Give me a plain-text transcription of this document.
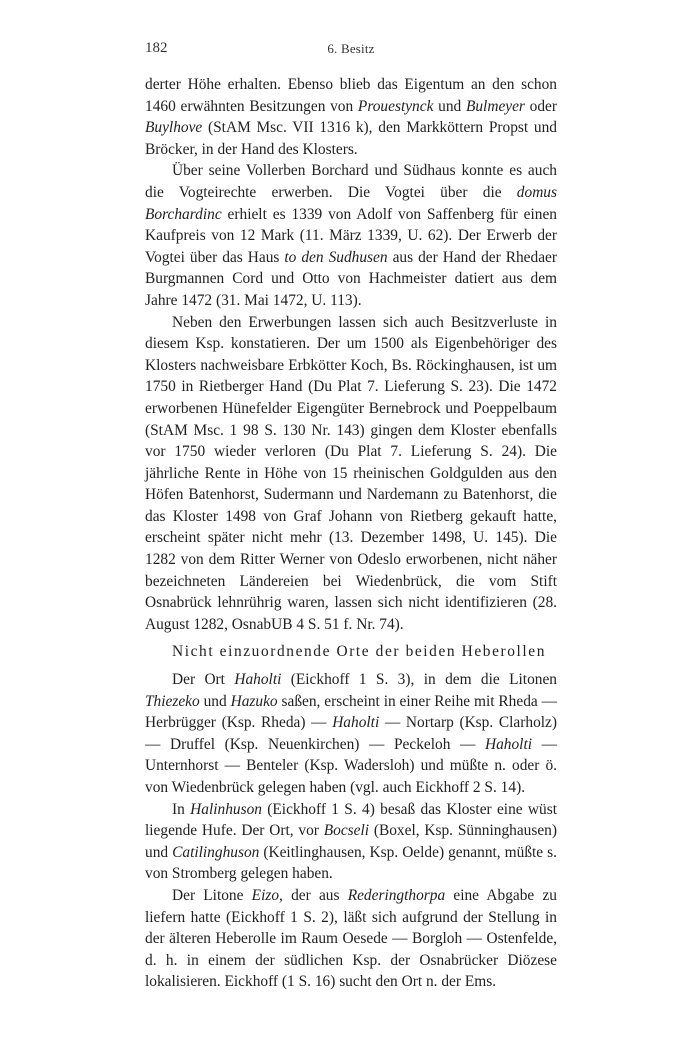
182	6. Besitz

derter Höhe erhalten. Ebenso blieb das Eigentum an den schon 1460 erwähnten Besitzungen von Prouestynck und Bulmeyer oder Buylhove (StAM Msc. VII 1316 k), den Markköttern Propst und Bröcker, in der Hand des Klosters.

Über seine Vollerben Borchard und Südhaus konnte es auch die Vogteirechte erwerben. Die Vogtei über die domus Borchardinc erhielt es 1339 von Adolf von Saffenberg für einen Kaufpreis von 12 Mark (11. März 1339, U. 62). Der Erwerb der Vogtei über das Haus to den Sudhusen aus der Hand der Rhedaer Burgmannen Cord und Otto von Hachmeister datiert aus dem Jahre 1472 (31. Mai 1472, U. 113).

Neben den Erwerbungen lassen sich auch Besitzverluste in diesem Ksp. konstatieren. Der um 1500 als Eigenbehöriger des Klosters nachweisbare Erbkötter Koch, Bs. Röckinghausen, ist um 1750 in Rietberger Hand (Du Plat 7. Lieferung S. 23). Die 1472 erworbenen Hünefelder Eigengüter Bernebrock und Poeppelbaum (StAM Msc. 1 98 S. 130 Nr. 143) gingen dem Kloster ebenfalls vor 1750 wieder verloren (Du Plat 7. Lieferung S. 24). Die jährliche Rente in Höhe von 15 rheinischen Goldgulden aus den Höfen Batenhorst, Sudermann und Nardemann zu Batenhorst, die das Kloster 1498 von Graf Johann von Rietberg gekauft hatte, erscheint später nicht mehr (13. Dezember 1498, U. 145). Die 1282 von dem Ritter Werner von Odeslo erworbenen, nicht näher bezeichneten Ländereien bei Wiedenbrück, die vom Stift Osnabrück lehnrührig waren, lassen sich nicht identifizieren (28. August 1282, OsnabUB 4 S. 51 f. Nr. 74).

Nicht einzuordnende Orte der beiden Heberollen

Der Ort Haholti (Eickhoff 1 S. 3), in dem die Litonen Thiezeko und Hazuko saßen, erscheint in einer Reihe mit Rheda — Herbrügger (Ksp. Rheda) — Haholti — Nortarp (Ksp. Clarholz) — Druffel (Ksp. Neuenkirchen) — Peckeloh — Haholti — Unternhorst — Benteler (Ksp. Wadersloh) und müßte n. oder ö. von Wiedenbrück gelegen haben (vgl. auch Eickhoff 2 S. 14).

In Halinhuson (Eickhoff 1 S. 4) besaß das Kloster eine wüst liegende Hufe. Der Ort, vor Bocseli (Boxel, Ksp. Sünninghausen) und Catilinghuson (Keitlinghausen, Ksp. Oelde) genannt, müßte s. von Stromberg gelegen haben.

Der Litone Eizo, der aus Rederingthorpa eine Abgabe zu liefern hatte (Eickhoff 1 S. 2), läßt sich aufgrund der Stellung in der älteren Heberolle im Raum Oesede — Borgloh — Ostenfelde, d. h. in einem der südlichen Ksp. der Osnabrücker Diözese lokalisieren. Eickhoff (1 S. 16) sucht den Ort n. der Ems.
